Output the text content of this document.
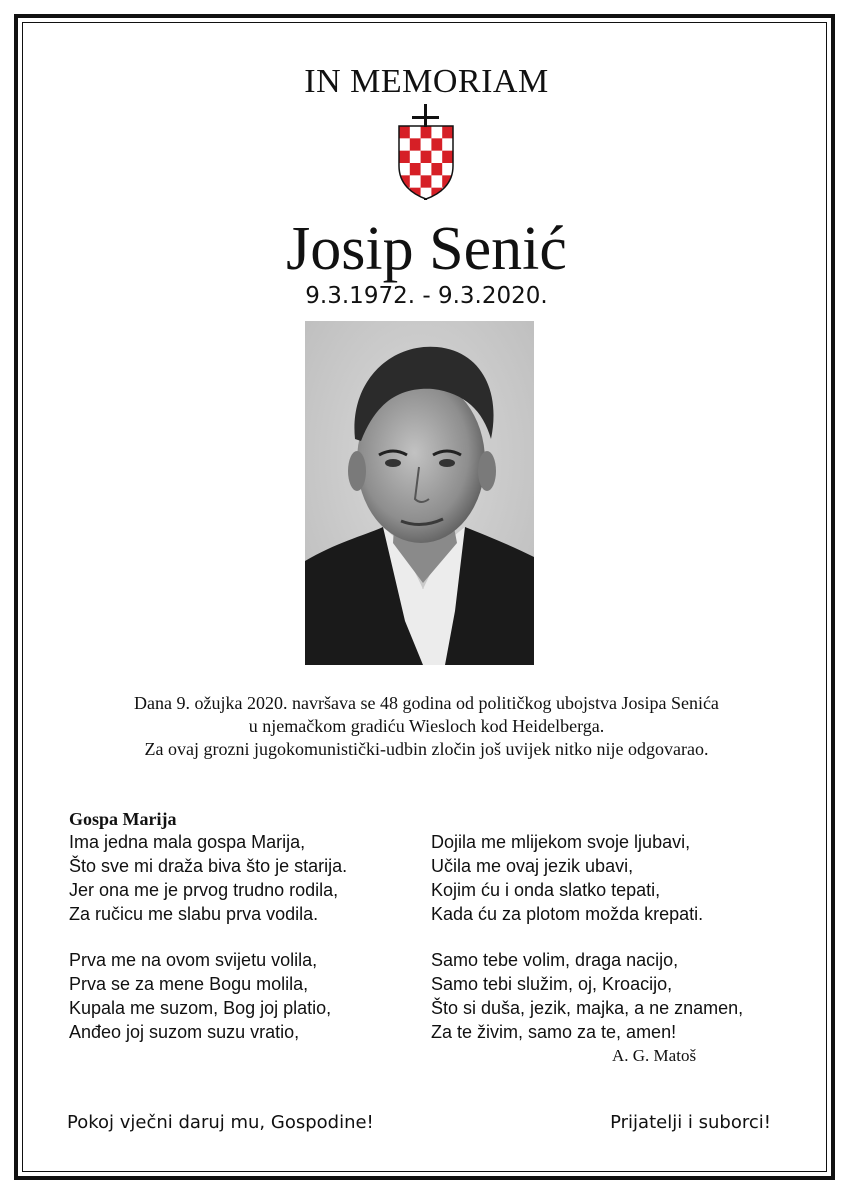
IN MEMORIAM
Josip Senić
9.3.1972. - 9.3.2020.
Dana 9. ožujka 2020. navršava se 48 godina od političkog ubojstva Josipa Senića
u njemačkom gradiću Wiesloch kod Heidelberga.
Za ovaj grozni jugokomunistički-udbin zločin još uvijek nitko nije odgovarao.
Gospa Marija
Ima jedna mala gospa Marija,
Što sve mi draža biva što je starija.
Jer ona me je prvog trudno rodila,
Za ručicu me slabu prva vodila.
Prva me na ovom svijetu volila,
Prva se za mene Bogu molila,
Kupala me suzom, Bog joj platio,
Anđeo joj suzom suzu vratio,
Dojila me mlijekom svoje ljubavi,
Učila me ovaj jezik ubavi,
Kojim ću i onda slatko tepati,
Kada ću za plotom možda krepati.
Samo tebe volim, draga nacijo,
Samo tebi služim, oj, Kroacijo,
Što si duša, jezik, majka, a ne znamen,
Za te živim, samo za te, amen!
A. G. Matoš
Pokoj vječni daruj mu, Gospodine!	Prijatelji i suborci!
